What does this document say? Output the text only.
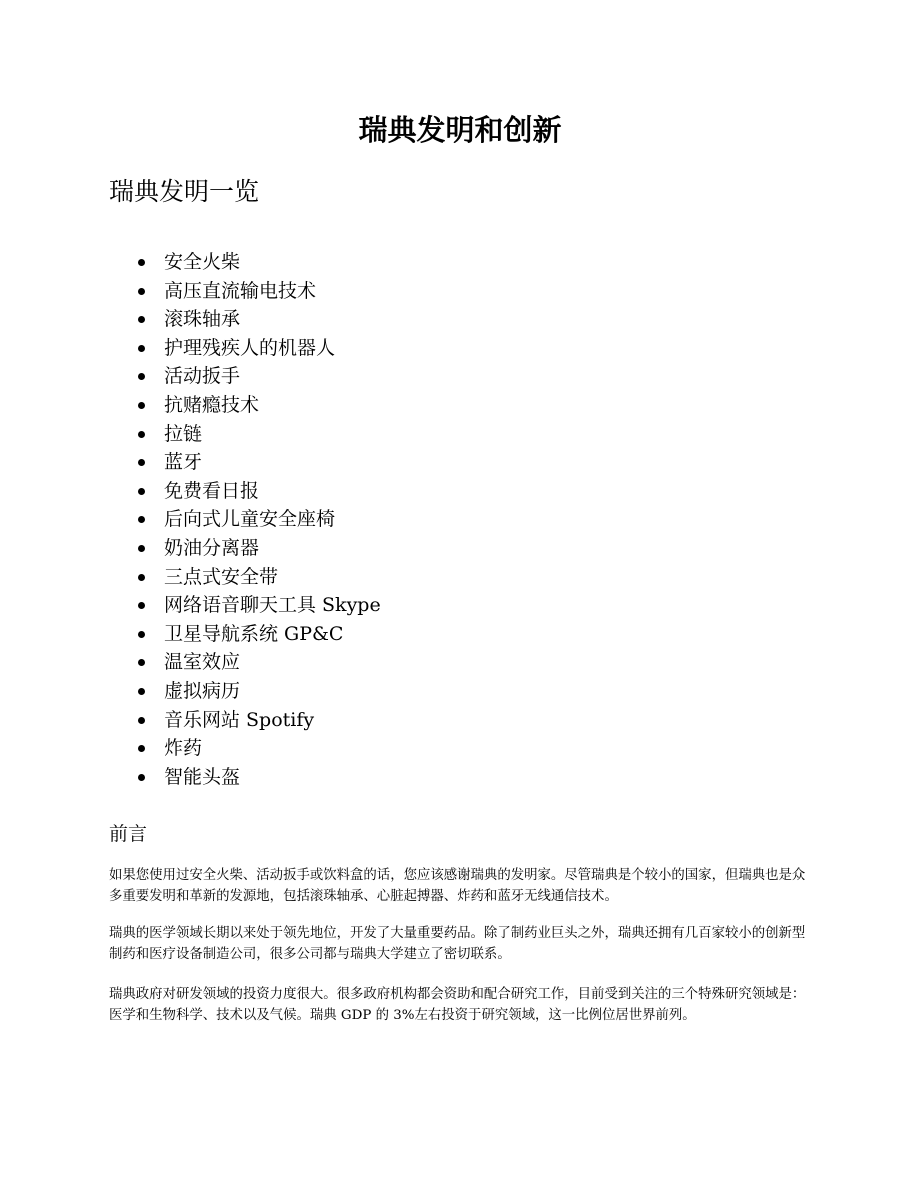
瑞典发明和创新
瑞典发明一览
安全火柴
高压直流输电技术
滚珠轴承
护理残疾人的机器人
活动扳手
抗赌瘾技术
拉链
蓝牙
免费看日报
后向式儿童安全座椅
奶油分离器
三点式安全带
网络语音聊天工具 Skype
卫星导航系统 GP&C
温室效应
虚拟病历
音乐网站 Spotify
炸药
智能头盔
前言

如果您使用过安全火柴、活动扳手或饮料盒的话，您应该感谢瑞典的发明家。尽管瑞典是个较小的国家，但瑞典也是众多重要发明和革新的发源地，包括滚珠轴承、心脏起搏器、炸药和蓝牙无线通信技术。

瑞典的医学领域长期以来处于领先地位，开发了大量重要药品。除了制药业巨头之外，瑞典还拥有几百家较小的创新型制药和医疗设备制造公司，很多公司都与瑞典大学建立了密切联系。

瑞典政府对研发领域的投资力度很大。很多政府机构都会资助和配合研究工作，目前受到关注的三个特殊研究领域是：医学和生物科学、技术以及气候。瑞典 GDP 的 3%左右投资于研究领域，这一比例位居世界前列。
